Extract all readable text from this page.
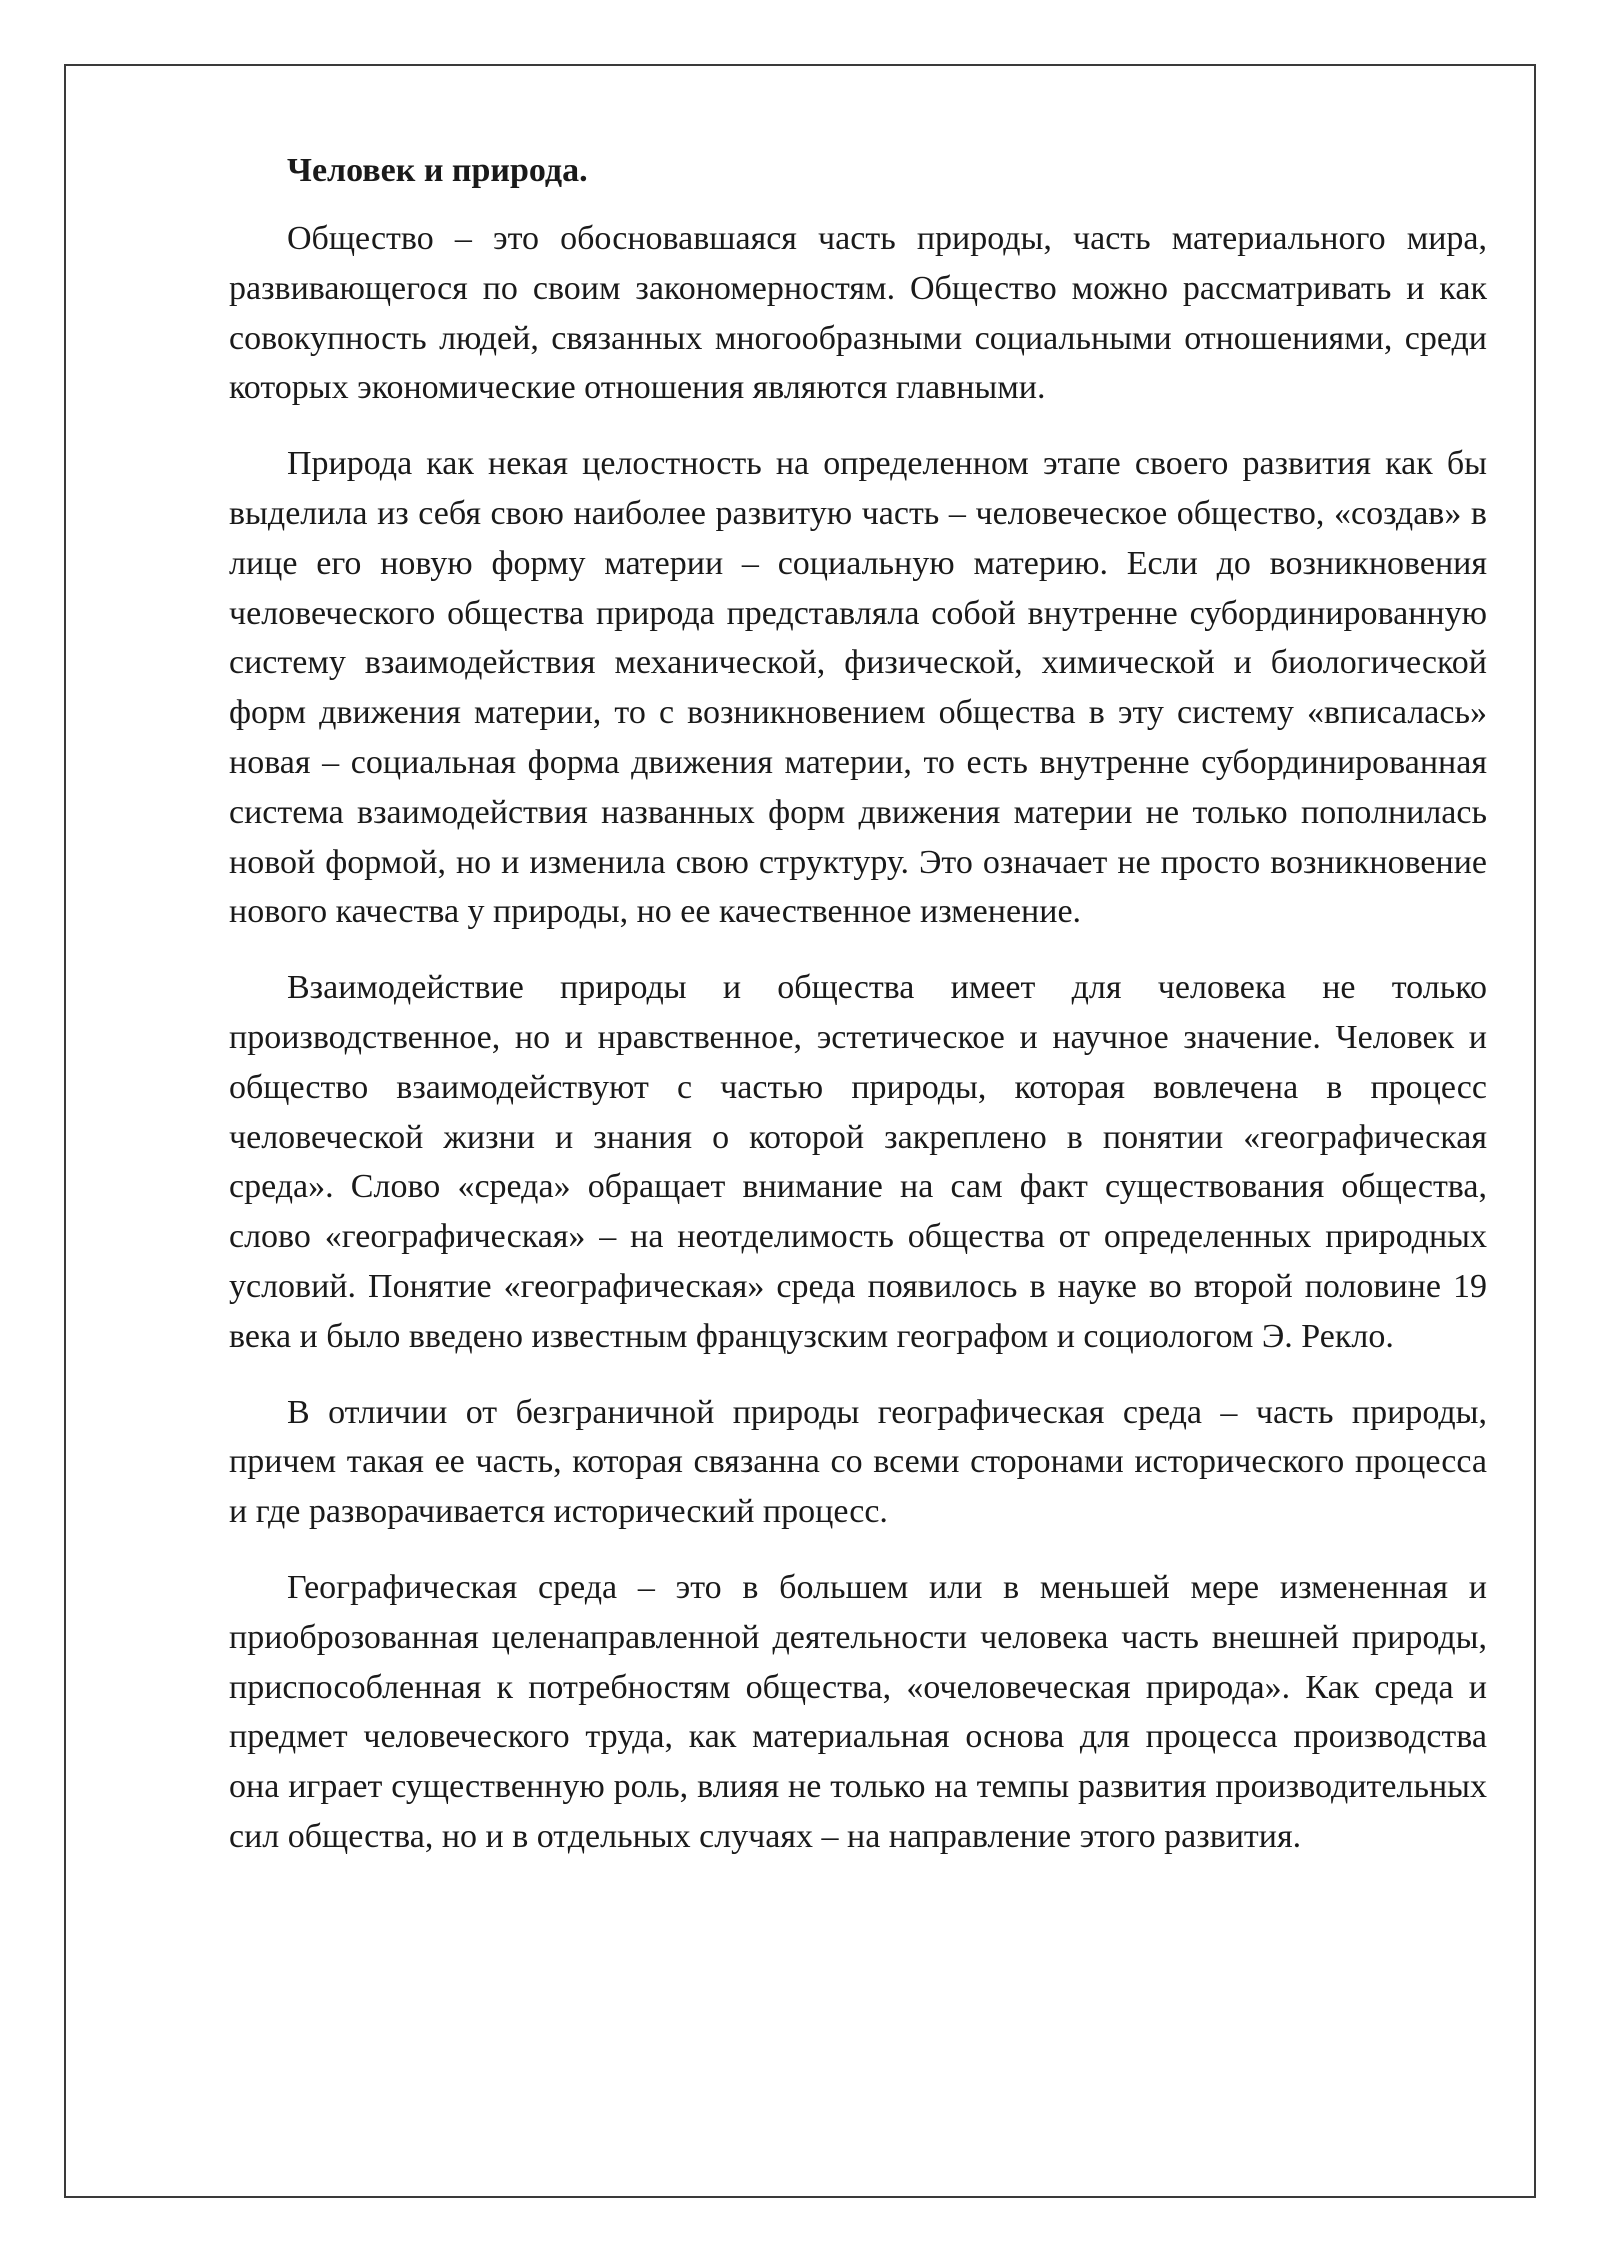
Человек и природа.

Общество – это обосновавшаяся часть природы, часть материального мира, развивающегося по своим закономерностям. Общество можно рассматривать и как совокупность людей, связанных многообразными социальными отношениями, среди которых экономические отношения являются главными.

Природа как некая целостность на определенном этапе своего развития как бы выделила из себя свою наиболее развитую часть – человеческое общество, «создав» в лице его новую форму материи – социальную материю. Если до возникновения человеческого общества природа представляла собой внутренне субординированную систему взаимодействия механической, физической, химической и биологической форм движения материи, то с возникновением общества в эту систему «вписалась» новая – социальная форма движения материи, то есть внутренне субординированная система взаимодействия названных форм движения материи не только пополнилась новой формой, но и изменила свою структуру. Это означает не просто возникновение нового качества у природы, но ее качественное изменение.

Взаимодействие природы и общества имеет для человека не только производственное, но и нравственное, эстетическое и научное значение. Человек и общество взаимодействуют с частью природы, которая вовлечена в процесс человеческой жизни и знания о которой закреплено в понятии «географическая среда». Слово «среда» обращает внимание на сам факт существования общества, слово «географическая» – на неотделимость общества от определенных природных условий. Понятие «географическая» среда появилось в науке во второй половине 19 века и было введено известным французским географом и социологом Э. Рекло.

В отличии от безграничной природы географическая среда – часть природы, причем такая ее часть, которая связанна со всеми сторонами исторического процесса и где разворачивается исторический процесс.

Географическая среда – это в большем или в меньшей мере измененная и приоброзованная целенаправленной деятельности человека часть внешней природы, приспособленная к потребностям общества, «очеловеческая природа». Как среда и предмет человеческого труда, как материальная основа для процесса производства она играет существенную роль, влияя не только на темпы развития производительных сил общества, но и в отдельных случаях – на направление этого развития.
